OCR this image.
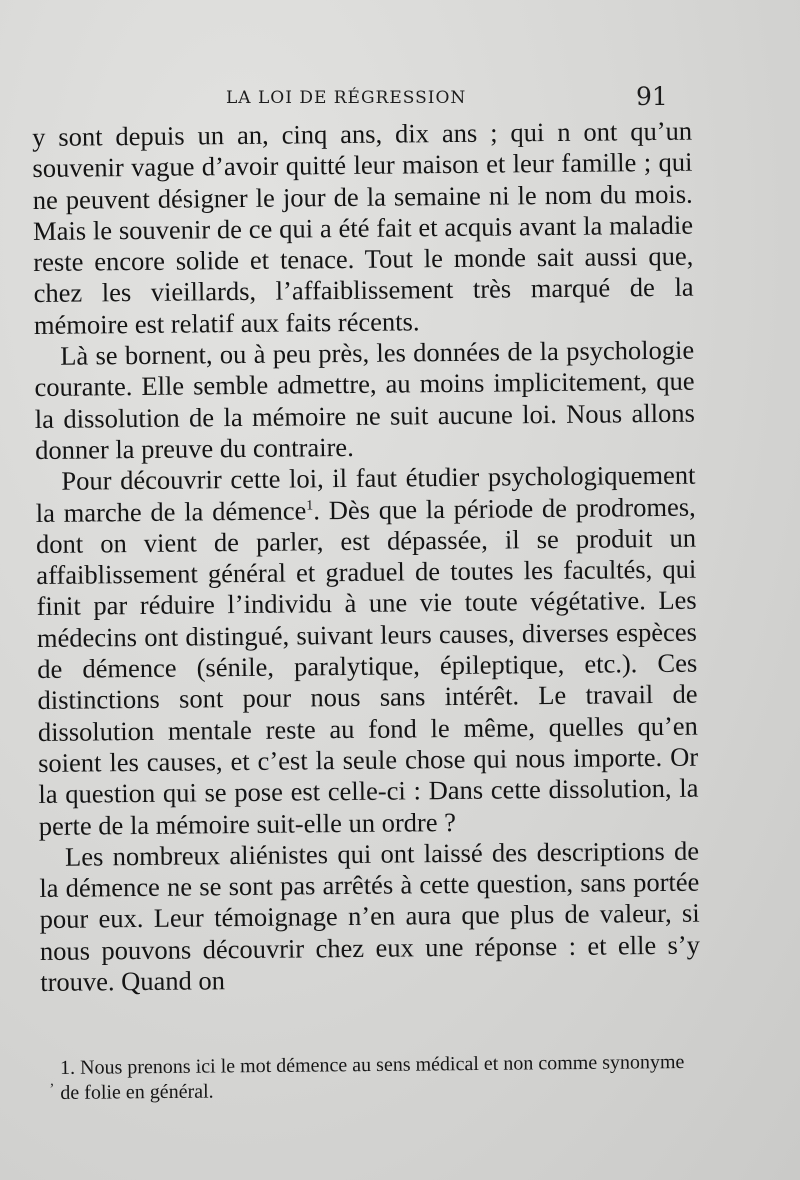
LA LOI DE RÉGRESSION	91

y sont depuis un an, cinq ans, dix ans ; qui n ont qu’un souvenir vague d’avoir quitté leur maison et leur famille ; qui ne peuvent désigner le jour de la semaine ni le nom du mois. Mais le souvenir de ce qui a été fait et acquis avant la maladie reste encore solide et tenace. Tout le monde sait aussi que, chez les vieillards, l’affaiblissement très marqué de la mémoire est relatif aux faits récents.

Là se bornent, ou à peu près, les données de la psychologie courante. Elle semble admettre, au moins implicitement, que la dissolution de la mémoire ne suit aucune loi. Nous allons donner la preuve du contraire.

Pour découvrir cette loi, il faut étudier psychologiquement la marche de la démence$^1$. Dès que la période de prodromes, dont on vient de parler, est dépassée, il se produit un affaiblissement général et graduel de toutes les facultés, qui finit par réduire l’individu à une vie toute végétative. Les médecins ont distingué, suivant leurs causes, diverses espèces de démence (sénile, paralytique, épileptique, etc.). Ces distinctions sont pour nous sans intérêt. Le travail de dissolution mentale reste au fond le même, quelles qu’en soient les causes, et c’est la seule chose qui nous importe. Or la question qui se pose est celle-ci : Dans cette dissolution, la perte de la mémoire suit-elle un ordre ?

Les nombreux aliénistes qui ont laissé des descriptions de la démence ne se sont pas arrêtés à cette question, sans portée pour eux. Leur témoignage n’en aura que plus de valeur, si nous pouvons découvrir chez eux une réponse : et elle s’y trouve. Quand on

,

1. Nous prenons ici le mot démence au sens médical et non comme synonyme de folie en général.
